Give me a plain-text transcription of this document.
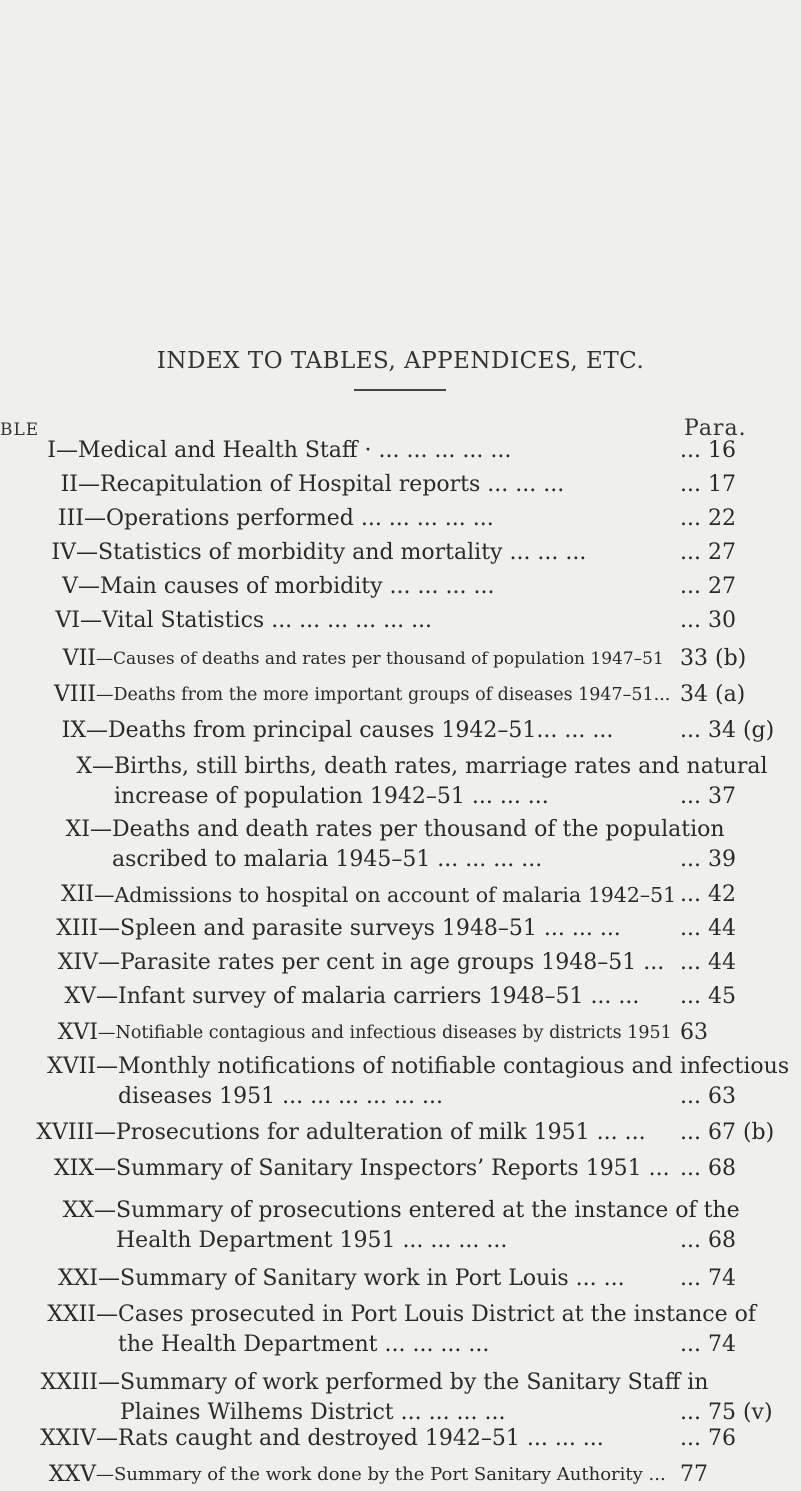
INDEX TO TABLES, APPENDICES, ETC.
BLE	Para.
I —Medical and Health Staff · ... ... ... ... ...	... 16
II —Recapitulation of Hospital reports ... ... ...	... 17
III —Operations performed ... ... ... ... ...	... 22
IV —Statistics of morbidity and mortality ... ... ...	... 27
V —Main causes of morbidity ... ... ... ...	... 27
VI —Vital Statistics ... ... ... ... ... ...	... 30
VII —Causes of deaths and rates per thousand of population 1947–51 33 (b)
VIII —Deaths from the more important groups of diseases 1947–51... 34 (a)
IX —Deaths from principal causes 1942–51... ... ...	... 34 (g)
X —Births, still births, death rates, marriage rates and natural
increase of population 1942–51 ... ... ...	... 37
XI —Deaths and death rates per thousand of the population
ascribed to malaria 1945–51 ... ... ... ...	... 39
XII —Admissions to hospital on account of malaria 1942–51 ... 42
XIII —Spleen and parasite surveys 1948–51 ... ... ...	... 44
XIV —Parasite rates per cent in age groups 1948–51 ... ... 44
XV —Infant survey of malaria carriers 1948–51 ... ... ... 45
XVI —Notifiable contagious and infectious diseases by districts 1951 63
XVII —Monthly notifications of notifiable contagious and infectious
diseases 1951 ... ... ... ... ... ...	... 63
XVIII —Prosecutions for adulteration of milk 1951 ... ... ... 67 (b)
XIX —Summary of Sanitary Inspectors’ Reports 1951 ... ... 68
XX —Summary of prosecutions entered at the instance of the
Health Department 1951 ... ... ... ...	... 68
XXI —Summary of Sanitary work in Port Louis ... ...	... 74
XXII —Cases prosecuted in Port Louis District at the instance of
the Health Department ... ... ... ...	... 74
XXIII —Summary of work performed by the Sanitary Staff in
Plaines Wilhems District ... ... ... ...	... 75 (v)
XXIV —Rats caught and destroyed 1942–51 ... ... ...	... 76
XXV —Summary of the work done by the Port Sanitary Authority ... 77
